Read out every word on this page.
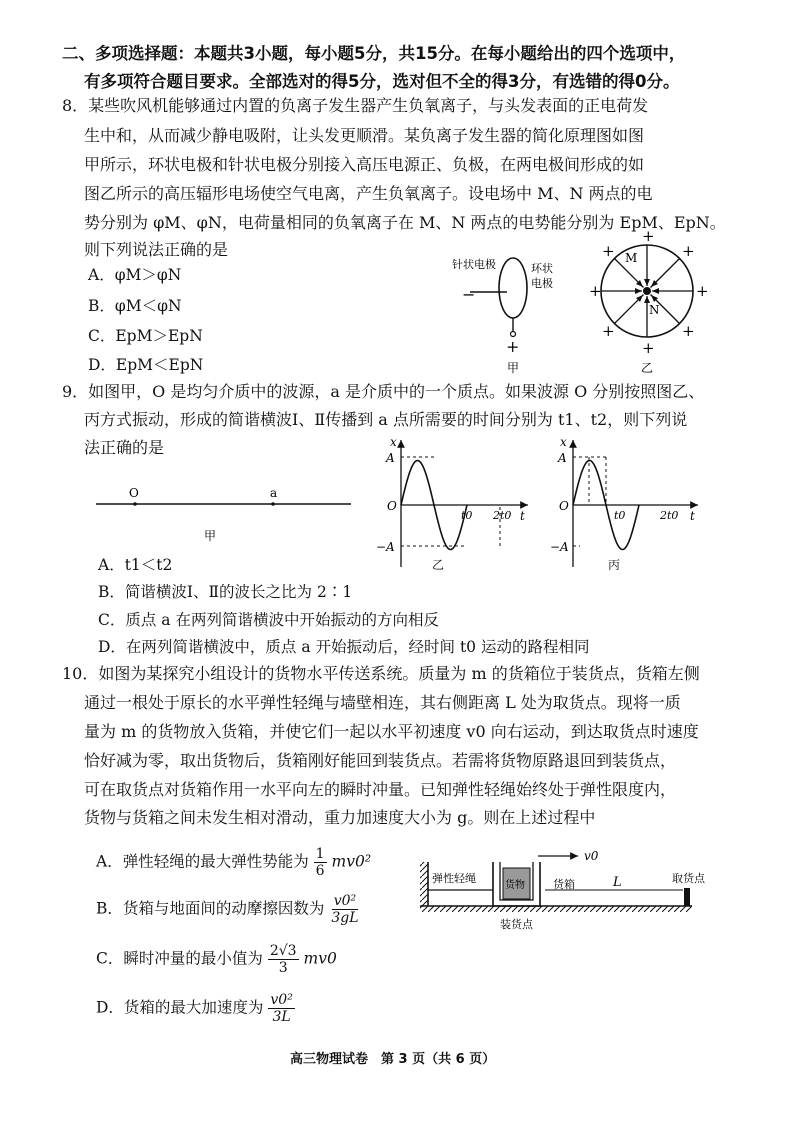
二、多项选择题：本题共3小题，每小题5分，共15分。在每小题给出的四个选项中，
有多项符合题目要求。全部选对的得5分，选对但不全的得3分，有选错的得0分。
8．某些吹风机能够通过内置的负离子发生器产生负氧离子，与头发表面的正电荷发
生中和，从而减少静电吸附，让头发更顺滑。某负离子发生器的简化原理图如图
甲所示，环状电极和针状电极分别接入高压电源正、负极，在两电极间形成的如
图乙所示的高压辐形电场使空气电离，产生负氧离子。设电场中 M、N 两点的电
势分别为 φM、φN，电荷量相同的负氧离子在 M、N 两点的电势能分别为 EpM、EpN。
则下列说法正确的是
A．φM＞φN
B．φM＜φN
C．EpM＞EpN
D．EpM＜EpN
针状电极	环状
电极
−
+
甲
+
+
+	+
+	+
+	+
M
N
乙
9．如图甲，O 是均匀介质中的波源，a 是介质中的一个质点。如果波源 O 分别按照图乙、
丙方式振动，形成的简谐横波Ⅰ、Ⅱ传播到 a 点所需要的时间分别为 t1、t2，则下列说
法正确的是
O	a
甲
x
t
A
−A
O
t0 2t0
乙
x
t
A
−A
O
t0	2t0
丙
A．t1＜t2
B．简谐横波Ⅰ、Ⅱ的波长之比为 2∶1
C．质点 a 在两列简谐横波中开始振动的方向相反
D．在两列简谐横波中，质点 a 开始振动后，经时间 t0 运动的路程相同
10．如图为某探究小组设计的货物水平传送系统。质量为 m 的货箱位于装货点，货箱左侧
通过一根处于原长的水平弹性轻绳与墙壁相连，其右侧距离 L 处为取货点。现将一质
量为 m 的货物放入货箱，并使它们一起以水平初速度 v0 向右运动，到达取货点时速度
恰好减为零，取出货物后，货箱刚好能回到装货点。若需将货物原路退回到装货点，
可在取货点对货箱作用一水平向左的瞬时冲量。已知弹性轻绳始终处于弹性限度内，
货物与货箱之间未发生相对滑动，重力加速度大小为 g。则在上述过程中
A．弹性轻绳的最大弹性势能为 $\frac{1}{6} mv0^2$
B．货箱与地面间的动摩擦因数为 $\frac{\text{v0²}}{3gL}$
C．瞬时冲量的最小值为 $\frac{2√3}{3} mv0$
D．货箱的最大加速度为 $\frac{\text{v0²}}{3L}$
弹性轻绳
货物	货箱	L
v0
取货点
装货点
高三物理试卷　第 3 页（共 6 页）
